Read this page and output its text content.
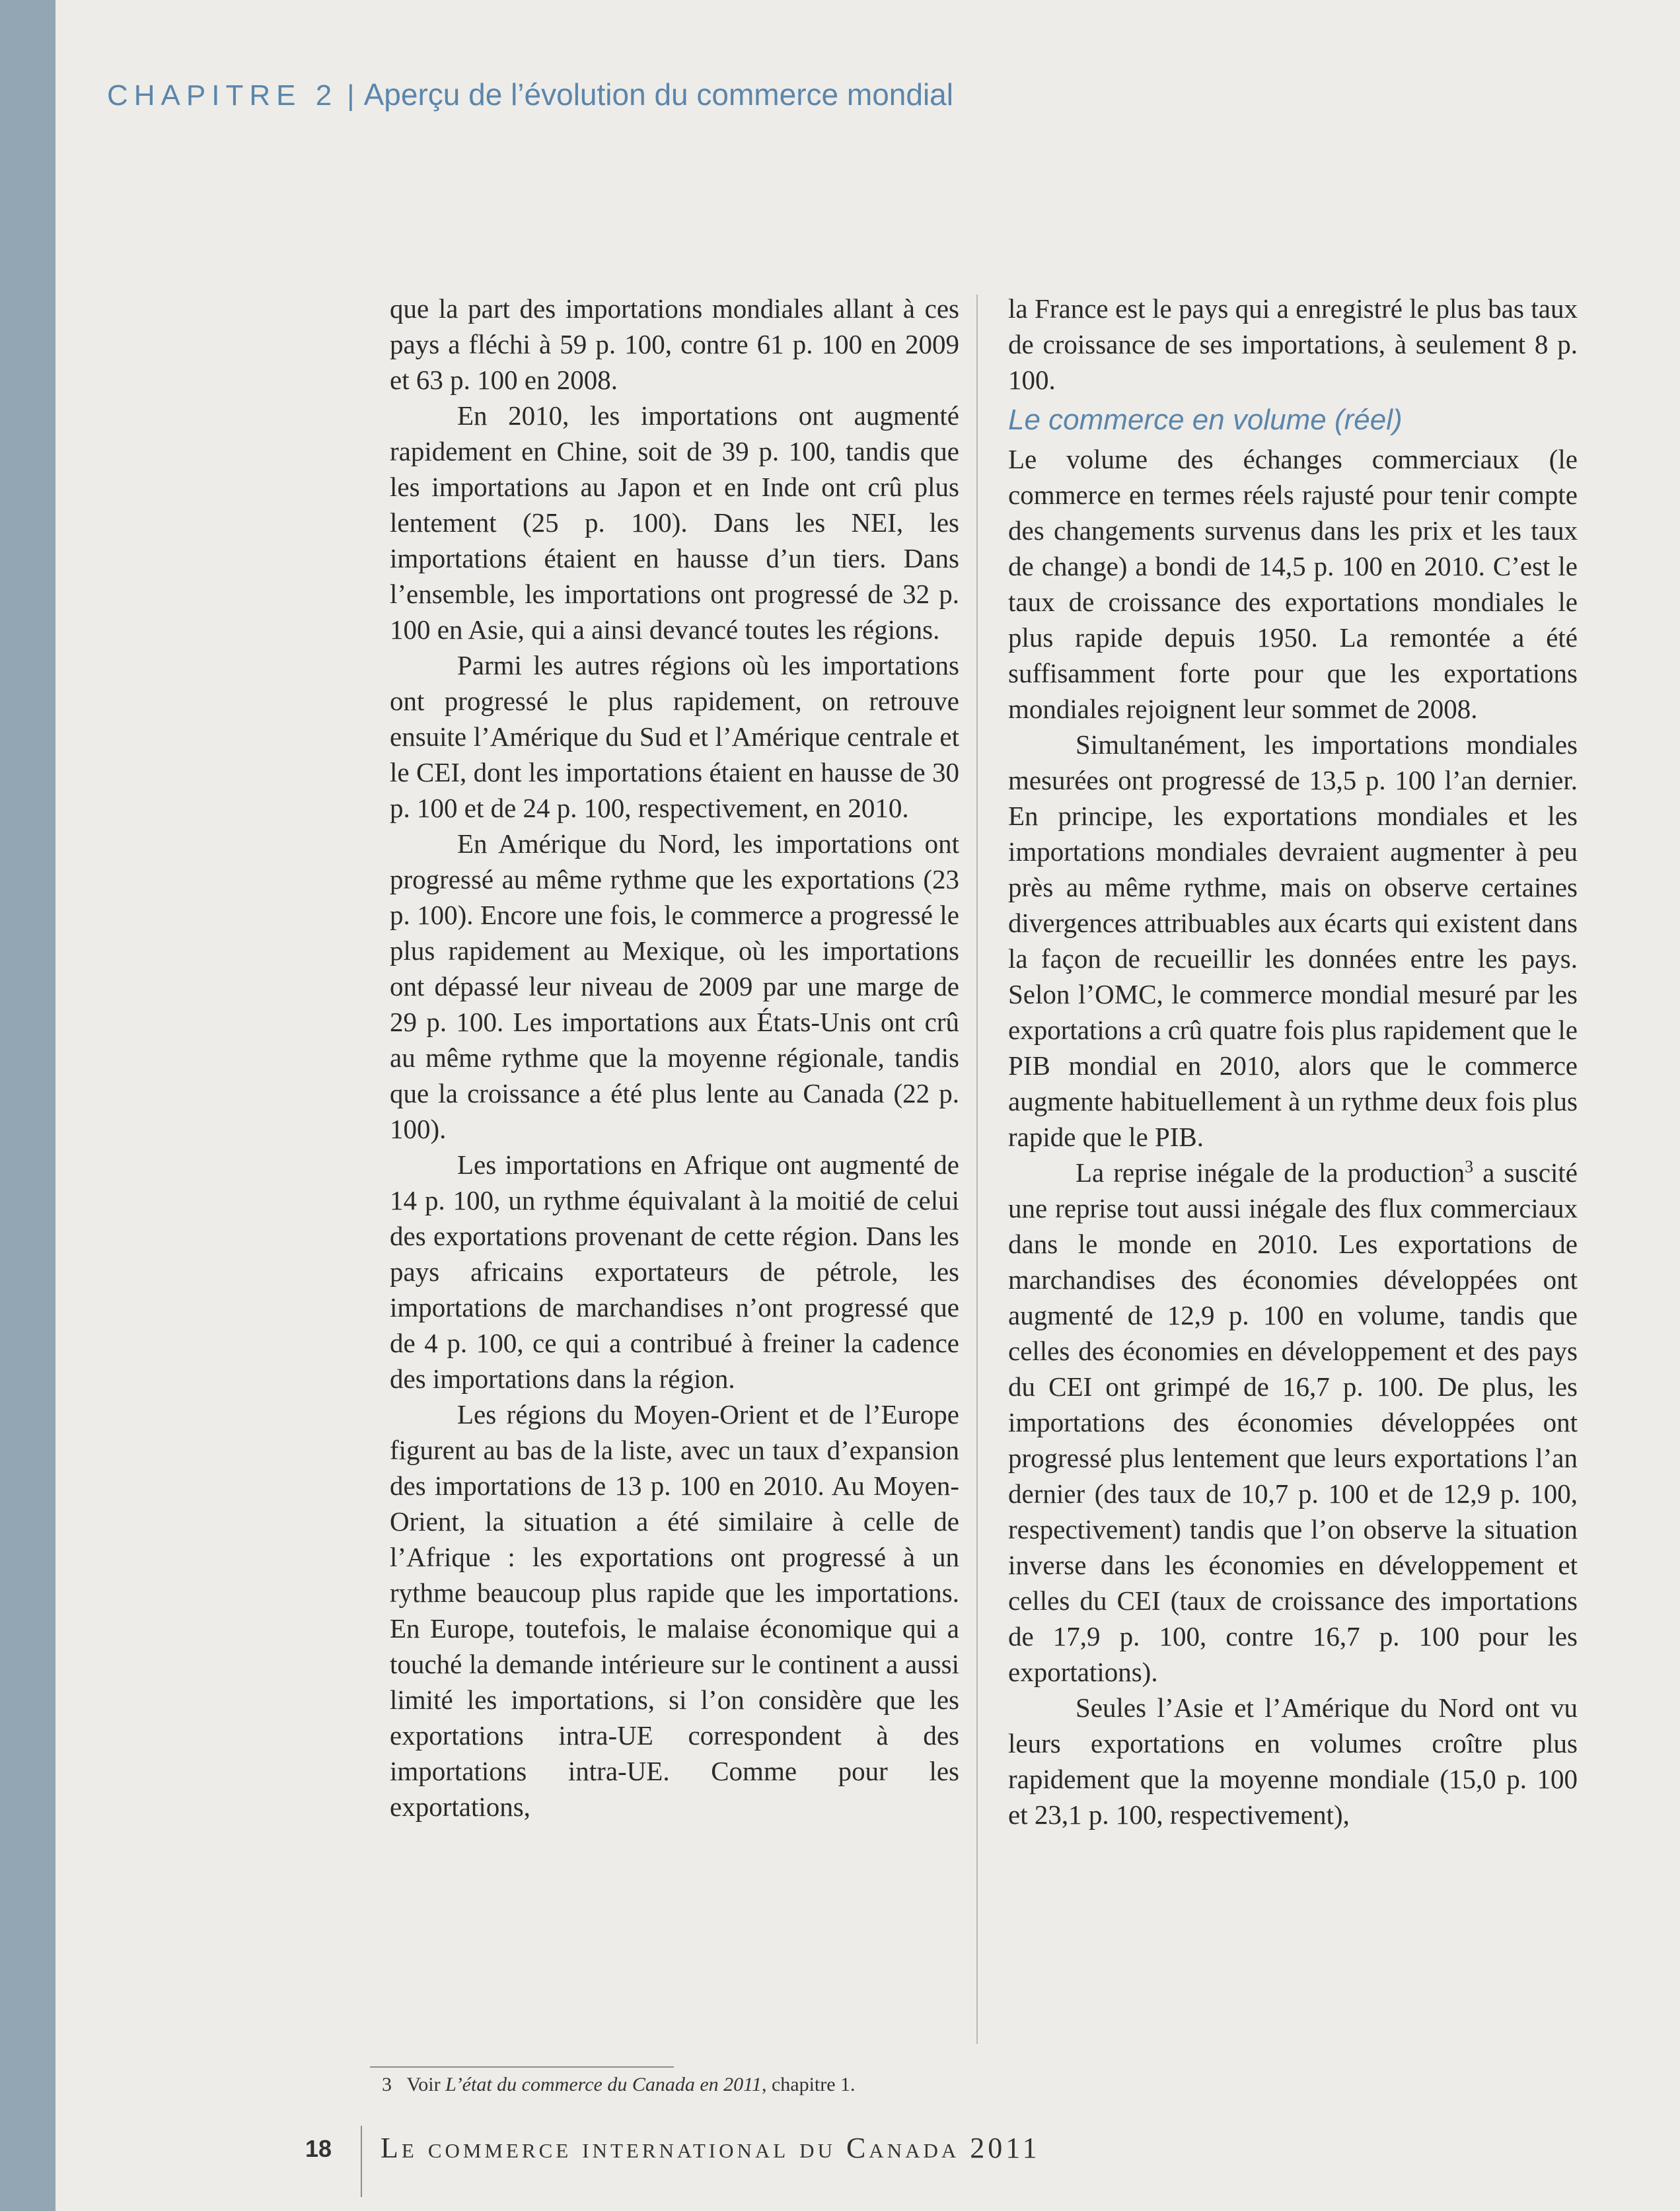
CHAPITRE 2 | Aperçu de l’évolution du commerce mondial

que la part des importations mondiales allant à ces pays a fléchi à 59 p. 100, contre 61 p. 100 en 2009 et 63 p. 100 en 2008.

En 2010, les importations ont augmenté rapidement en Chine, soit de 39 p. 100, tandis que les importations au Japon et en Inde ont crû plus lentement (25 p. 100). Dans les NEI, les importations étaient en hausse d’un tiers. Dans l’ensemble, les importations ont progressé de 32 p. 100 en Asie, qui a ainsi devancé toutes les régions.

Parmi les autres régions où les importations ont progressé le plus rapidement, on retrouve ensuite l’Amérique du Sud et l’Amérique centrale et le CEI, dont les importations étaient en hausse de 30 p. 100 et de 24 p. 100, respectivement, en 2010.

En Amérique du Nord, les importations ont progressé au même rythme que les exportations (23 p. 100). Encore une fois, le commerce a progressé le plus rapidement au Mexique, où les importations ont dépassé leur niveau de 2009 par une marge de 29 p. 100. Les importations aux États-Unis ont crû au même rythme que la moyenne régionale, tandis que la croissance a été plus lente au Canada (22 p. 100).

Les importations en Afrique ont augmenté de 14 p. 100, un rythme équivalant à la moitié de celui des exportations provenant de cette région. Dans les pays africains exportateurs de pétrole, les importations de marchandises n’ont progressé que de 4 p. 100, ce qui a contribué à freiner la cadence des importations dans la région.

Les régions du Moyen-Orient et de l’Europe figurent au bas de la liste, avec un taux d’expansion des importations de 13 p. 100 en 2010. Au Moyen-Orient, la situation a été similaire à celle de l’Afrique : les exportations ont progressé à un rythme beaucoup plus rapide que les importations. En Europe, toutefois, le malaise économique qui a touché la demande intérieure sur le continent a aussi limité les importations, si l’on considère que les exportations intra-UE correspondent à des importations intra-UE. Comme pour les exportations,

la France est le pays qui a enregistré le plus bas taux de croissance de ses importations, à seulement 8 p. 100.

Le commerce en volume (réel)

Le volume des échanges commerciaux (le commerce en termes réels rajusté pour tenir compte des changements survenus dans les prix et les taux de change) a bondi de 14,5 p. 100 en 2010. C’est le taux de croissance des exportations mondiales le plus rapide depuis 1950. La remontée a été suffisamment forte pour que les exportations mondiales rejoignent leur sommet de 2008.

Simultanément, les importations mondiales mesurées ont progressé de 13,5 p. 100 l’an dernier. En principe, les exportations mondiales et les importations mondiales devraient augmenter à peu près au même rythme, mais on observe certaines divergences attribuables aux écarts qui existent dans la façon de recueillir les données entre les pays. Selon l’OMC, le commerce mondial mesuré par les exportations a crû quatre fois plus rapidement que le PIB mondial en 2010, alors que le commerce augmente habituellement à un rythme deux fois plus rapide que le PIB.

La reprise inégale de la production$^3$ a suscité une reprise tout aussi inégale des flux commerciaux dans le monde en 2010. Les exportations de marchandises des économies développées ont augmenté de 12,9 p. 100 en volume, tandis que celles des économies en développement et des pays du CEI ont grimpé de 16,7 p. 100. De plus, les importations des économies développées ont progressé plus lentement que leurs exportations l’an dernier (des taux de 10,7 p. 100 et de 12,9 p. 100, respectivement) tandis que l’on observe la situation inverse dans les économies en développement et celles du CEI (taux de croissance des importations de 17,9 p. 100, contre 16,7 p. 100 pour les exportations).

Seules l’Asie et l’Amérique du Nord ont vu leurs exportations en volumes croître plus rapidement que la moyenne mondiale (15,0 p. 100 et 23,1 p. 100, respectivement),

3 Voir L’état du commerce du Canada en 2011, chapitre 1.
18 Le commerce international du Canada 2011
